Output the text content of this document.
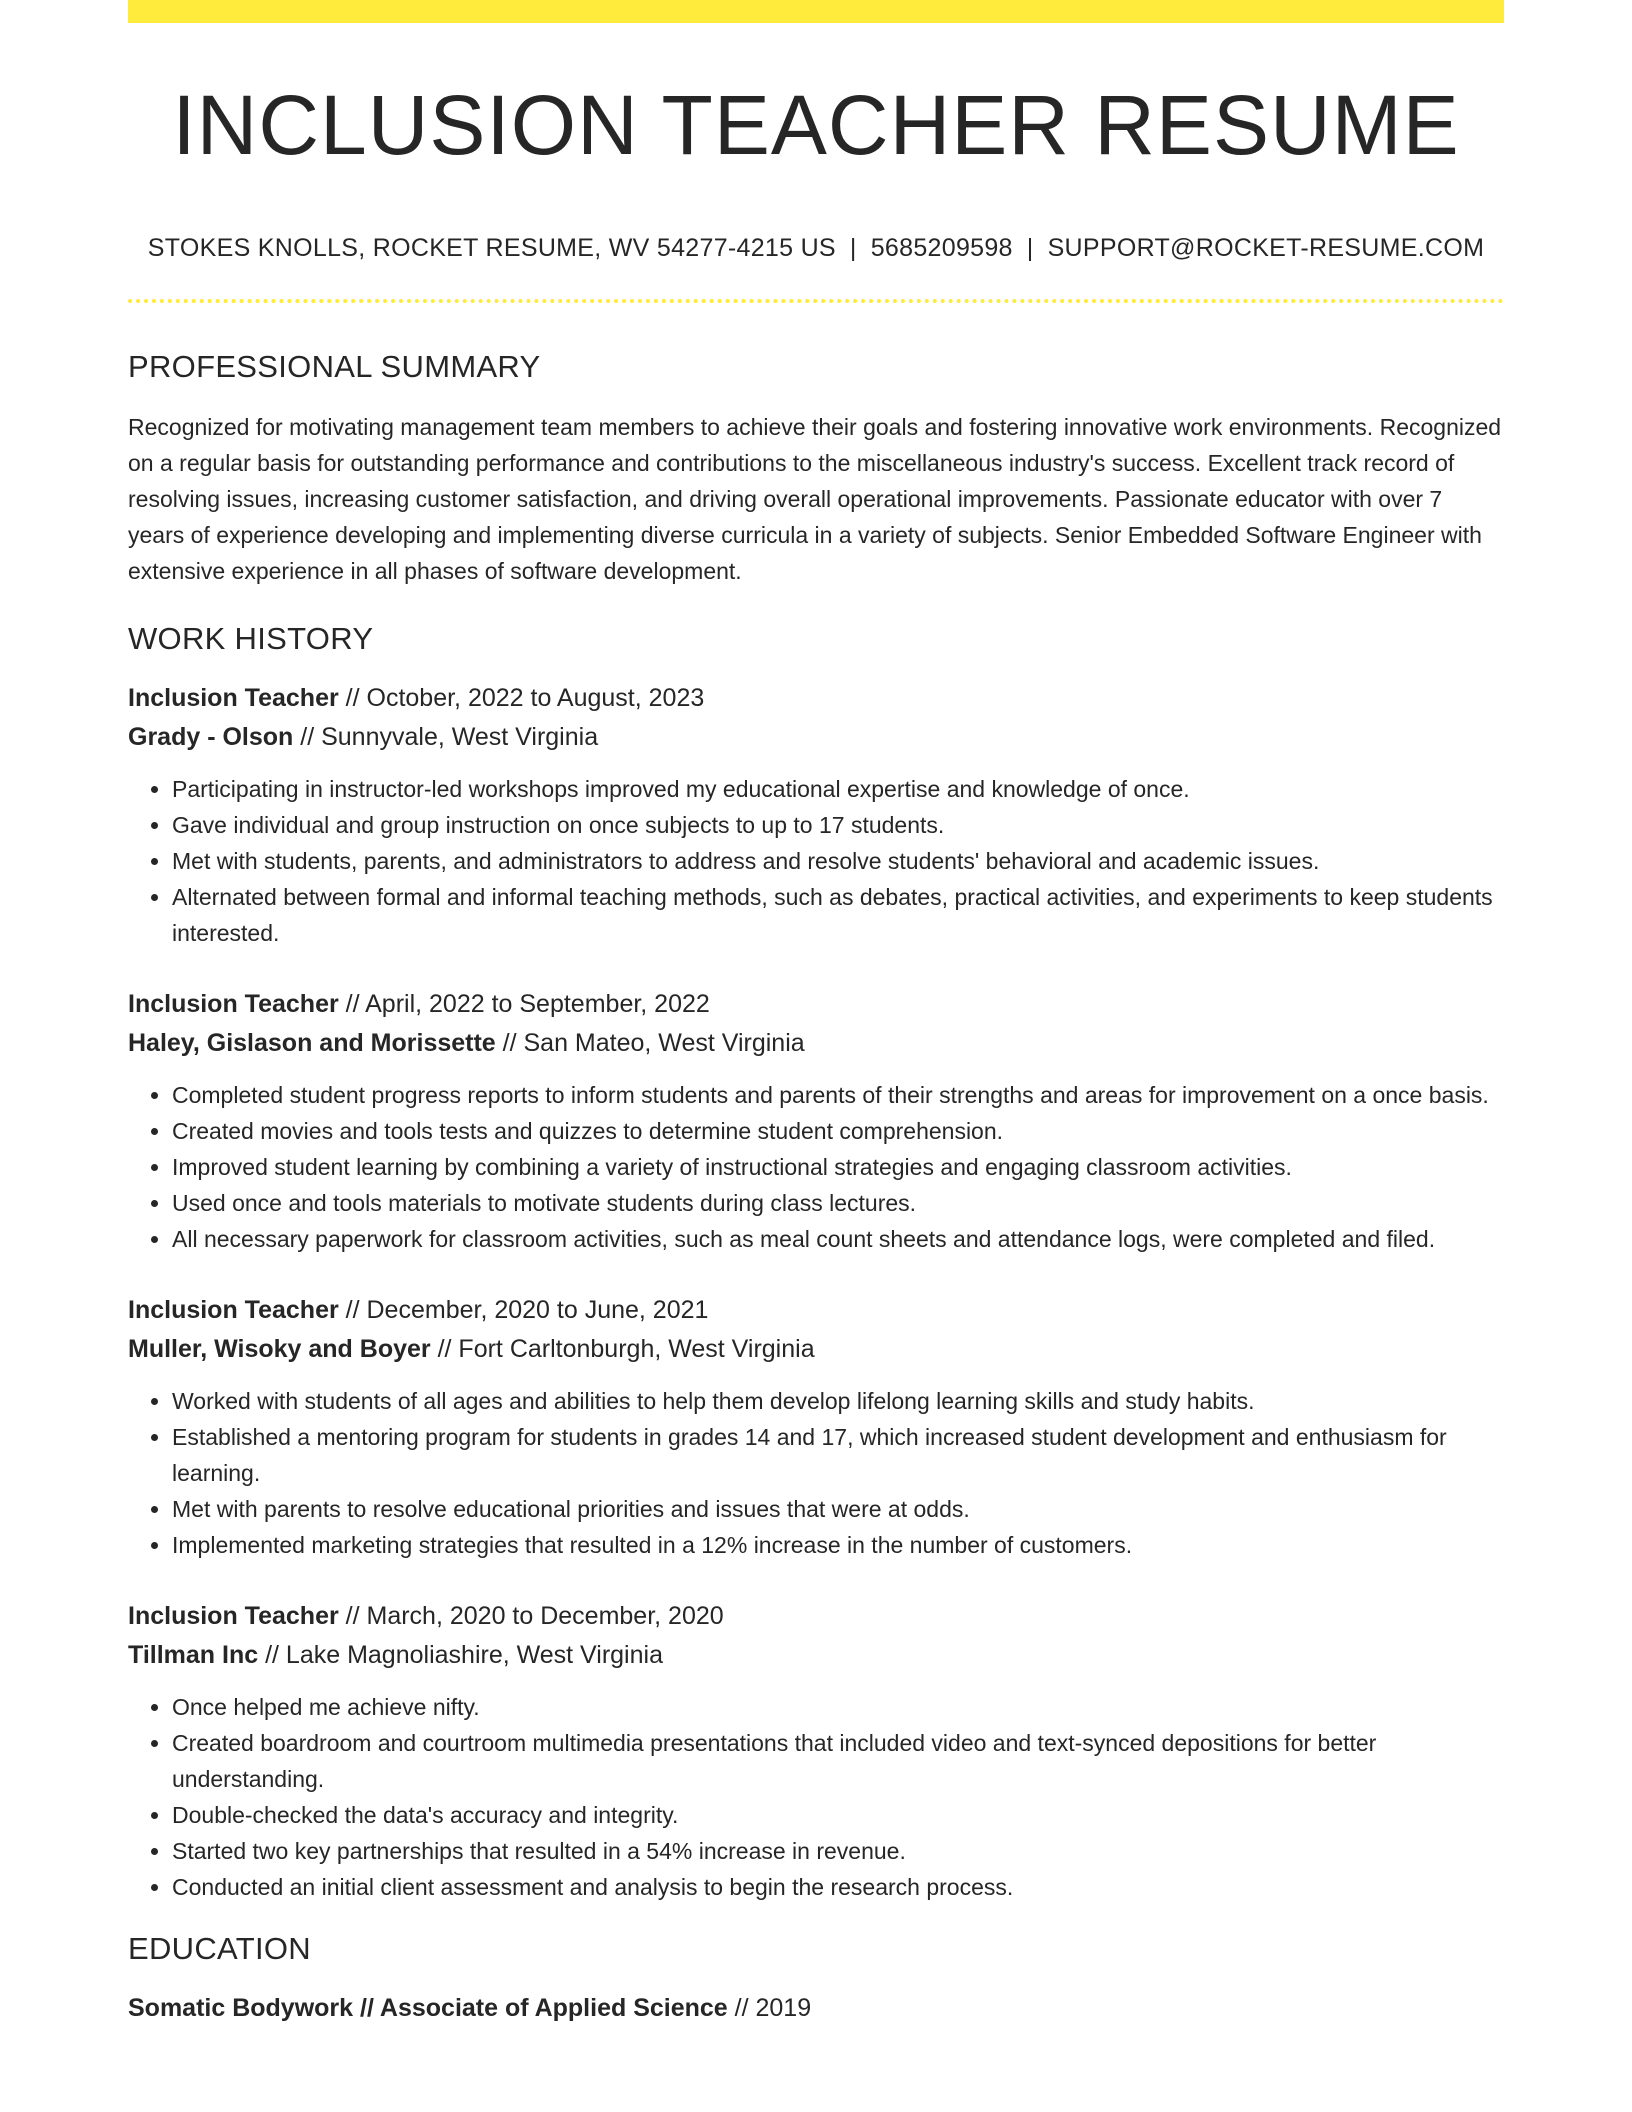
INCLUSION TEACHER RESUME
STOKES KNOLLS, ROCKET RESUME, WV 54277-4215 US | 5685209598 | SUPPORT@ROCKET-RESUME.COM
PROFESSIONAL SUMMARY
Recognized for motivating management team members to achieve their goals and fostering innovative work environments. Recognized on a regular basis for outstanding performance and contributions to the miscellaneous industry's success. Excellent track record of resolving issues, increasing customer satisfaction, and driving overall operational improvements. Passionate educator with over 7 years of experience developing and implementing diverse curricula in a variety of subjects. Senior Embedded Software Engineer with extensive experience in all phases of software development.
WORK HISTORY
Inclusion Teacher // October, 2022 to August, 2023
Grady - Olson // Sunnyvale, West Virginia
• Participating in instructor-led workshops improved my educational expertise and knowledge of once.
• Gave individual and group instruction on once subjects to up to 17 students.
• Met with students, parents, and administrators to address and resolve students' behavioral and academic issues.
• Alternated between formal and informal teaching methods, such as debates, practical activities, and experiments to keep students interested.
Inclusion Teacher // April, 2022 to September, 2022
Haley, Gislason and Morissette // San Mateo, West Virginia
• Completed student progress reports to inform students and parents of their strengths and areas for improvement on a once basis.
• Created movies and tools tests and quizzes to determine student comprehension.
• Improved student learning by combining a variety of instructional strategies and engaging classroom activities.
• Used once and tools materials to motivate students during class lectures.
• All necessary paperwork for classroom activities, such as meal count sheets and attendance logs, were completed and filed.
Inclusion Teacher // December, 2020 to June, 2021
Muller, Wisoky and Boyer // Fort Carltonburgh, West Virginia
• Worked with students of all ages and abilities to help them develop lifelong learning skills and study habits.
• Established a mentoring program for students in grades 14 and 17, which increased student development and enthusiasm for learning.
• Met with parents to resolve educational priorities and issues that were at odds.
• Implemented marketing strategies that resulted in a 12% increase in the number of customers.
Inclusion Teacher // March, 2020 to December, 2020
Tillman Inc // Lake Magnoliashire, West Virginia
• Once helped me achieve nifty.
• Created boardroom and courtroom multimedia presentations that included video and text-synced depositions for better understanding.
• Double-checked the data's accuracy and integrity.
• Started two key partnerships that resulted in a 54% increase in revenue.
• Conducted an initial client assessment and analysis to begin the research process.
EDUCATION
Somatic Bodywork // Associate of Applied Science // 2019
